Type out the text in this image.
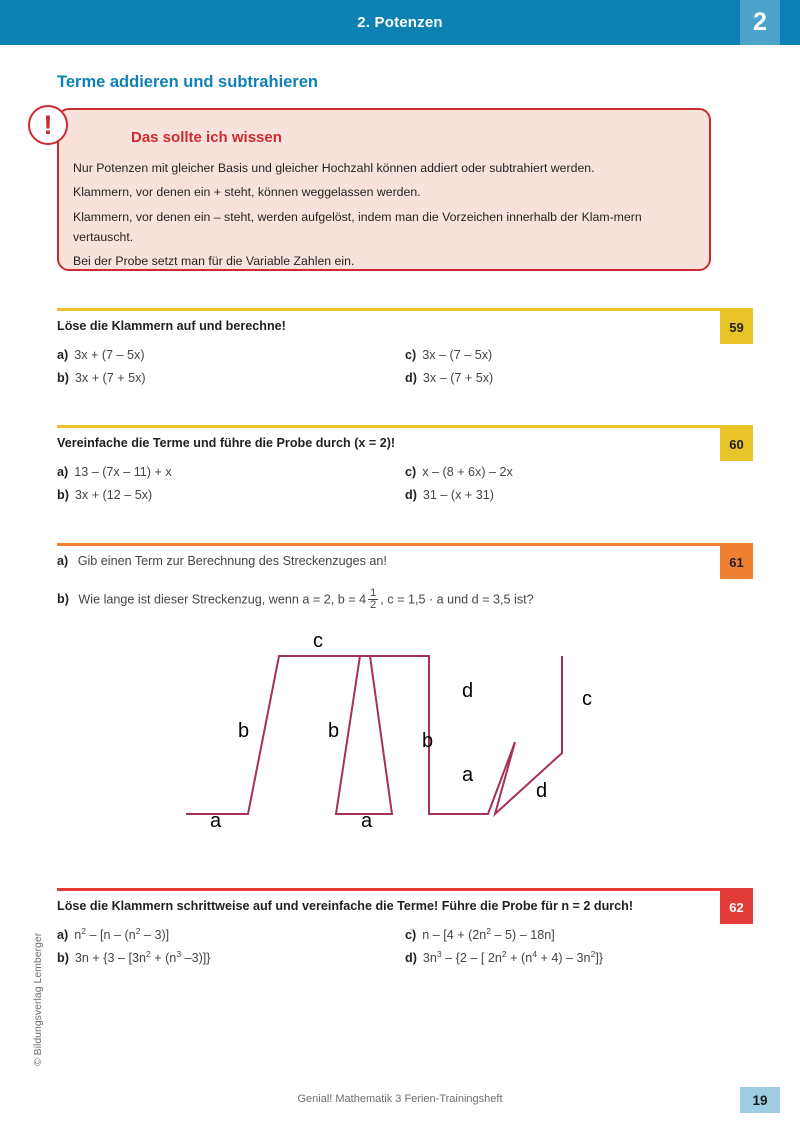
2. Potenzen	2
Terme addieren und subtrahieren
Das sollte ich wissen

Nur Potenzen mit gleicher Basis und gleicher Hochzahl können addiert oder subtrahiert werden.

Klammern, vor denen ein + steht, können weggelassen werden.

Klammern, vor denen ein – steht, werden aufgelöst, indem man die Vorzeichen innerhalb der Klam-mern vertauscht.

Bei der Probe setzt man für die Variable Zahlen ein.

!
Löse die Klammern auf und berechne!	59
a) 3x + (7 – 5x)	c) 3x – (7 – 5x)
b) 3x + (7 + 5x)	d) 3x – (7 + 5x)
Vereinfache die Terme und führe die Probe durch (x = 2)!	60
a) 13 – (7x – 11) + x	c) x – (8 + 6x) – 2x
b) 3x + (12 – 5x)	d) 31 – (x + 31)
a) Gib einen Term zur Berechnung des Streckenzuges an!	61
b) Wie lange ist dieser Streckenzug, wenn a = 2, $b = 4 \frac{1}{2}$ , c = 1,5 · a und d = 3,5 ist?
a
b
c
b
a
b
d
a
d
c
Löse die Klammern schrittweise auf und vereinfache die Terme! Führe die Probe für n = 2 durch!	62
a) $n^2 - [n - (n^2 - 3)]$	c) $n - [4 + (2n^2 - 5) - 18n]$
b) $3n + \{3 - [3n^2 + (n^3$ –3)]}	d) $3n^3 - \{2$ – [ $2n^2 + (n^4 + 4) - 3n^2$]}
© Bildungsverlag Lemberger
Genial! Mathematik 3 Ferien-Trainingsheft	19
